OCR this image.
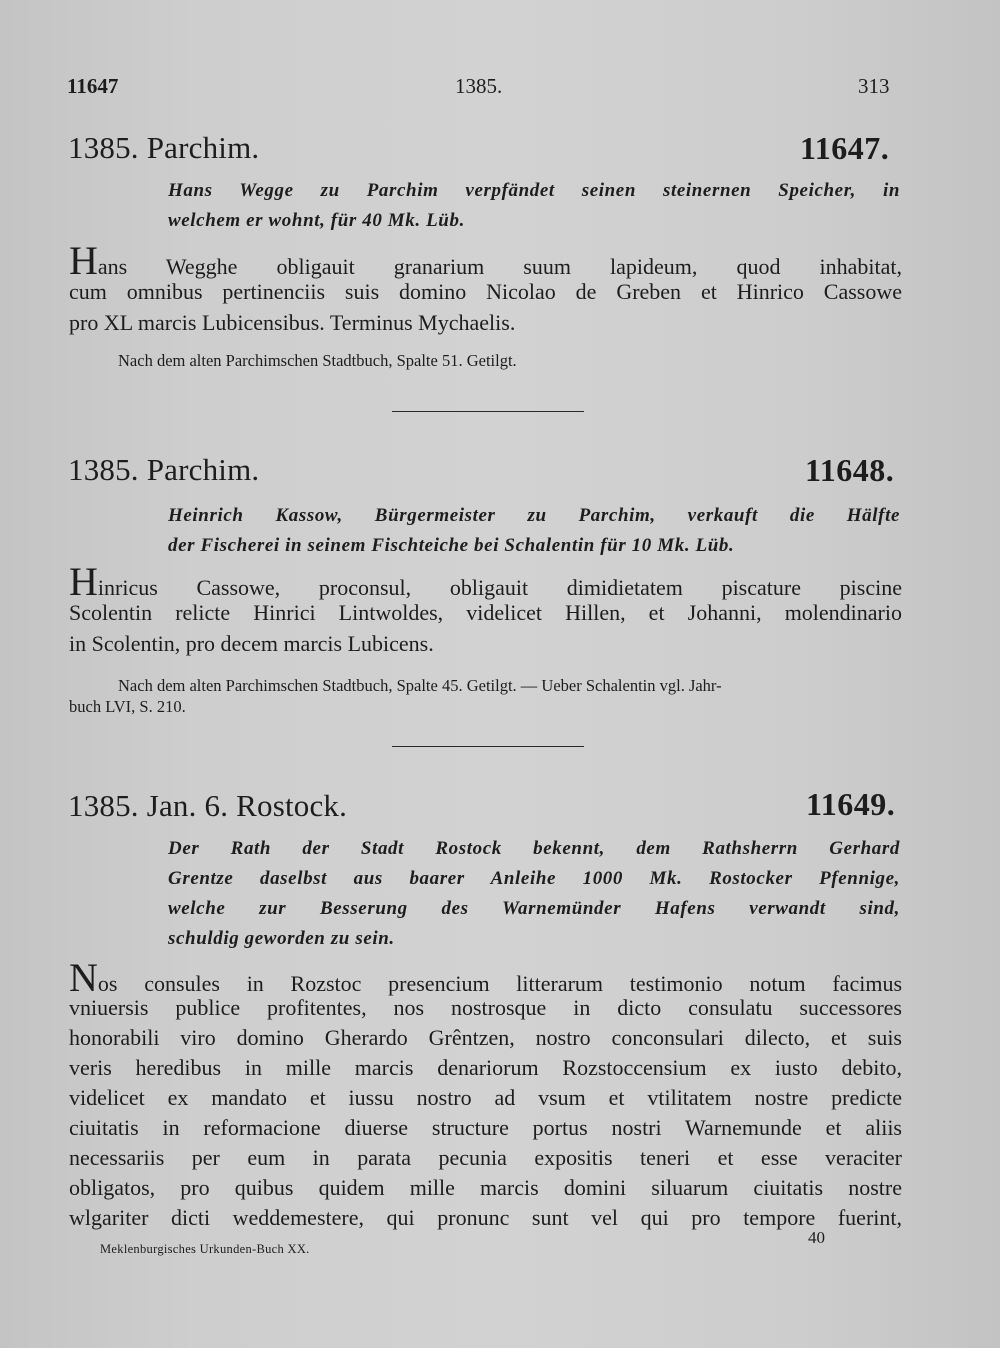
11647	1385.	313
1385. Parchim.	11647.
Hans Wegge zu Parchim verpfändet seinen steinernen Speicher, in
welchem er wohnt, für 40 Mk. Lüb.
Hans Wegghe obligauit granarium suum lapideum, quod inhabitat,
cum omnibus pertinenciis suis domino Nicolao de Greben et Hinrico Cassowe
pro XL marcis Lubicensibus. Terminus Mychaelis.
Nach dem alten Parchimschen Stadtbuch, Spalte 51. Getilgt.
1385. Parchim.	11648.
Heinrich Kassow, Bürgermeister zu Parchim, verkauft die Hälfte
der Fischerei in seinem Fischteiche bei Schalentin für 10 Mk. Lüb.
Hinricus Cassowe, proconsul, obligauit dimidietatem piscature piscine
Scolentin relicte Hinrici Lintwoldes, videlicet Hillen, et Johanni, molendinario
in Scolentin, pro decem marcis Lubicens.
Nach dem alten Parchimschen Stadtbuch, Spalte 45. Getilgt. — Ueber Schalentin vgl. Jahr-
buch LVI, S. 210.
1385. Jan. 6. Rostock.	11649.
Der Rath der Stadt Rostock bekennt, dem Rathsherrn Gerhard
Grentze daselbst aus baarer Anleihe 1000 Mk. Rostocker Pfennige,
welche zur Besserung des Warnemünder Hafens verwandt sind,
schuldig geworden zu sein.
Nos consules in Rozstoc presencium litterarum testimonio notum facimus
vniuersis publice profitentes, nos nostrosque in dicto consulatu successores
honorabili viro domino Gherardo Grêntzen, nostro conconsulari dilecto, et suis
veris heredibus in mille marcis denariorum Rozstoccensium ex iusto debito,
videlicet ex mandato et iussu nostro ad vsum et vtilitatem nostre predicte
ciuitatis in reformacione diuerse structure portus nostri Warnemunde et aliis
necessariis per eum in parata pecunia expositis teneri et esse veraciter
obligatos, pro quibus quidem mille marcis domini siluarum ciuitatis nostre
wlgariter dicti weddemestere, qui pronunc sunt vel qui pro tempore fuerint,
Meklenburgisches Urkunden-Buch XX.
40
